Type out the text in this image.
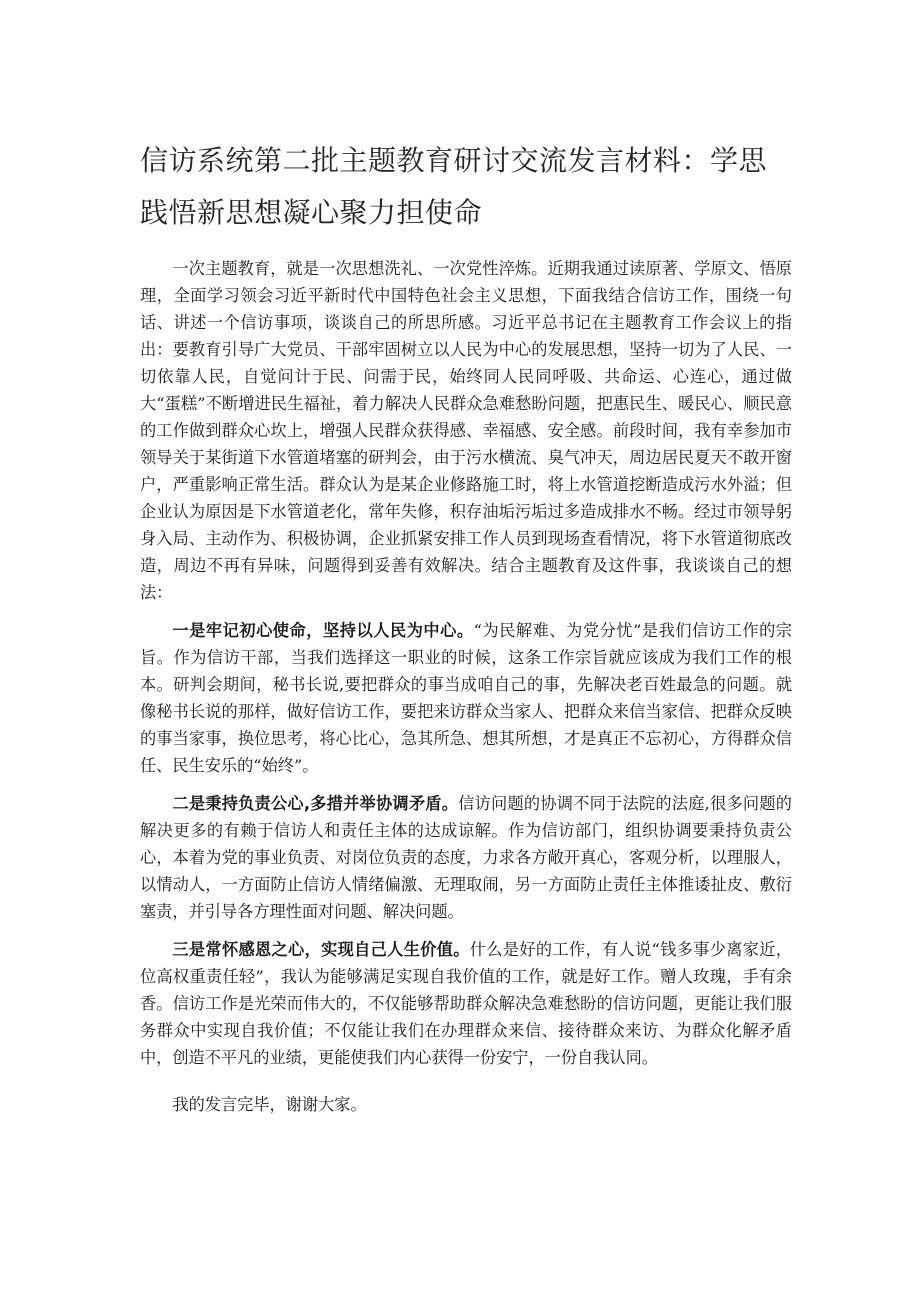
信访系统第二批主题教育研讨交流发言材料：学思践悟新思想凝心聚力担使命

一次主题教育，就是一次思想洗礼、一次党性淬炼。近期我通过读原著、学原文、悟原理，全面学习领会习近平新时代中国特色社会主义思想，下面我结合信访工作，围绕一句话、讲述一个信访事项，谈谈自己的所思所感。习近平总书记在主题教育工作会议上的指出：要教育引导广大党员、干部牢固树立以人民为中心的发展思想，坚持一切为了人民、一切依靠人民，自觉问计于民、问需于民，始终同人民同呼吸、共命运、心连心，通过做大“蛋糕”不断增进民生福祉，着力解决人民群众急难愁盼问题，把惠民生、暖民心、顺民意的工作做到群众心坎上，增强人民群众获得感、幸福感、安全感。前段时间，我有幸参加市领导关于某街道下水管道堵塞的研判会，由于污水横流、臭气冲天，周边居民夏天不敢开窗户，严重影响正常生活。群众认为是某企业修路施工时，将上水管道挖断造成污水外溢；但企业认为原因是下水管道老化，常年失修，积存油垢污垢过多造成排水不畅。经过市领导躬身入局、主动作为、积极协调，企业抓紧安排工作人员到现场查看情况，将下水管道彻底改造，周边不再有异味，问题得到妥善有效解决。结合主题教育及这件事，我谈谈自己的想法：

一是牢记初心使命，坚持以人民为中心。“为民解难、为党分忧”是我们信访工作的宗旨。作为信访干部，当我们选择这一职业的时候，这条工作宗旨就应该成为我们工作的根本。研判会期间，秘书长说,要把群众的事当成咱自己的事，先解决老百姓最急的问题。就像秘书长说的那样，做好信访工作，要把来访群众当家人、把群众来信当家信、把群众反映的事当家事，换位思考，将心比心，急其所急、想其所想，才是真正不忘初心，方得群众信任、民生安乐的“始终”。

二是秉持负责公心,多措并举协调矛盾。信访问题的协调不同于法院的法庭,很多问题的解决更多的有赖于信访人和责任主体的达成谅解。作为信访部门，组织协调要秉持负责公心，本着为党的事业负责、对岗位负责的态度，力求各方敞开真心，客观分析，以理服人，以情动人，一方面防止信访人情绪偏激、无理取闹，另一方面防止责任主体推诿扯皮、敷衍塞责，并引导各方理性面对问题、解决问题。

三是常怀感恩之心，实现自己人生价值。什么是好的工作，有人说“钱多事少离家近，位高权重责任轻”，我认为能够满足实现自我价值的工作，就是好工作。赠人玫瑰，手有余香。信访工作是光荣而伟大的，不仅能够帮助群众解决急难愁盼的信访问题，更能让我们服务群众中实现自我价值；不仅能让我们在办理群众来信、接待群众来访、为群众化解矛盾中，创造不平凡的业绩，更能使我们内心获得一份安宁，一份自我认同。

我的发言完毕，谢谢大家。
